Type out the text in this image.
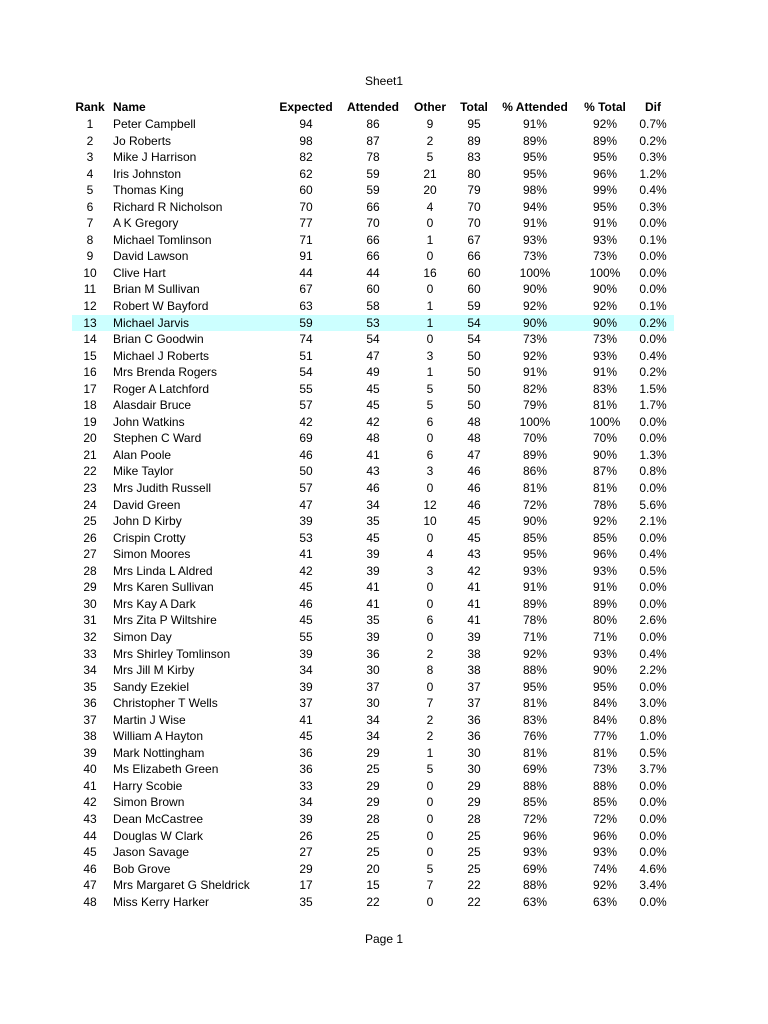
Sheet1
Rank Name	Expected	Attended	Other	Total	% Attended	% Total	Dif
1	Peter Campbell	94	86	9	95	91%	92%	0.7%
2	Jo Roberts	98	87	2	89	89%	89%	0.2%
3	Mike J Harrison	82	78	5	83	95%	95%	0.3%
4	Iris Johnston	62	59	21	80	95%	96%	1.2%
5	Thomas King	60	59	20	79	98%	99%	0.4%
6	Richard R Nicholson	70	66	4	70	94%	95%	0.3%
7	A K Gregory	77	70	0	70	91%	91%	0.0%
8	Michael Tomlinson	71	66	1	67	93%	93%	0.1%
9	David Lawson	91	66	0	66	73%	73%	0.0%
10	Clive Hart	44	44	16	60	100%	100%	0.0%
11	Brian M Sullivan	67	60	0	60	90%	90%	0.0%
12	Robert W Bayford	63	58	1	59	92%	92%	0.1%
13	Michael Jarvis	59	53	1	54	90%	90%	0.2%
14	Brian C Goodwin	74	54	0	54	73%	73%	0.0%
15	Michael J Roberts	51	47	3	50	92%	93%	0.4%
16	Mrs Brenda Rogers	54	49	1	50	91%	91%	0.2%
17	Roger A Latchford	55	45	5	50	82%	83%	1.5%
18	Alasdair Bruce	57	45	5	50	79%	81%	1.7%
19	John Watkins	42	42	6	48	100%	100%	0.0%
20	Stephen C Ward	69	48	0	48	70%	70%	0.0%
21	Alan Poole	46	41	6	47	89%	90%	1.3%
22	Mike Taylor	50	43	3	46	86%	87%	0.8%
23	Mrs Judith Russell	57	46	0	46	81%	81%	0.0%
24	David Green	47	34	12	46	72%	78%	5.6%
25	John D Kirby	39	35	10	45	90%	92%	2.1%
26	Crispin Crotty	53	45	0	45	85%	85%	0.0%
27	Simon Moores	41	39	4	43	95%	96%	0.4%
28	Mrs Linda L Aldred	42	39	3	42	93%	93%	0.5%
29	Mrs Karen Sullivan	45	41	0	41	91%	91%	0.0%
30	Mrs Kay A Dark	46	41	0	41	89%	89%	0.0%
31	Mrs Zita P Wiltshire	45	35	6	41	78%	80%	2.6%
32	Simon Day	55	39	0	39	71%	71%	0.0%
33	Mrs Shirley Tomlinson	39	36	2	38	92%	93%	0.4%
34	Mrs Jill M Kirby	34	30	8	38	88%	90%	2.2%
35	Sandy Ezekiel	39	37	0	37	95%	95%	0.0%
36	Christopher T Wells	37	30	7	37	81%	84%	3.0%
37	Martin J Wise	41	34	2	36	83%	84%	0.8%
38	William A Hayton	45	34	2	36	76%	77%	1.0%
39	Mark Nottingham	36	29	1	30	81%	81%	0.5%
40	Ms Elizabeth Green	36	25	5	30	69%	73%	3.7%
41	Harry Scobie	33	29	0	29	88%	88%	0.0%
42	Simon Brown	34	29	0	29	85%	85%	0.0%
43	Dean McCastree	39	28	0	28	72%	72%	0.0%
44	Douglas W Clark	26	25	0	25	96%	96%	0.0%
45	Jason Savage	27	25	0	25	93%	93%	0.0%
46	Bob Grove	29	20	5	25	69%	74%	4.6%
47	Mrs Margaret G Sheldrick	17	15	7	22	88%	92%	3.4%
48	Miss Kerry Harker	35	22	0	22	63%	63%	0.0%
Page 1
